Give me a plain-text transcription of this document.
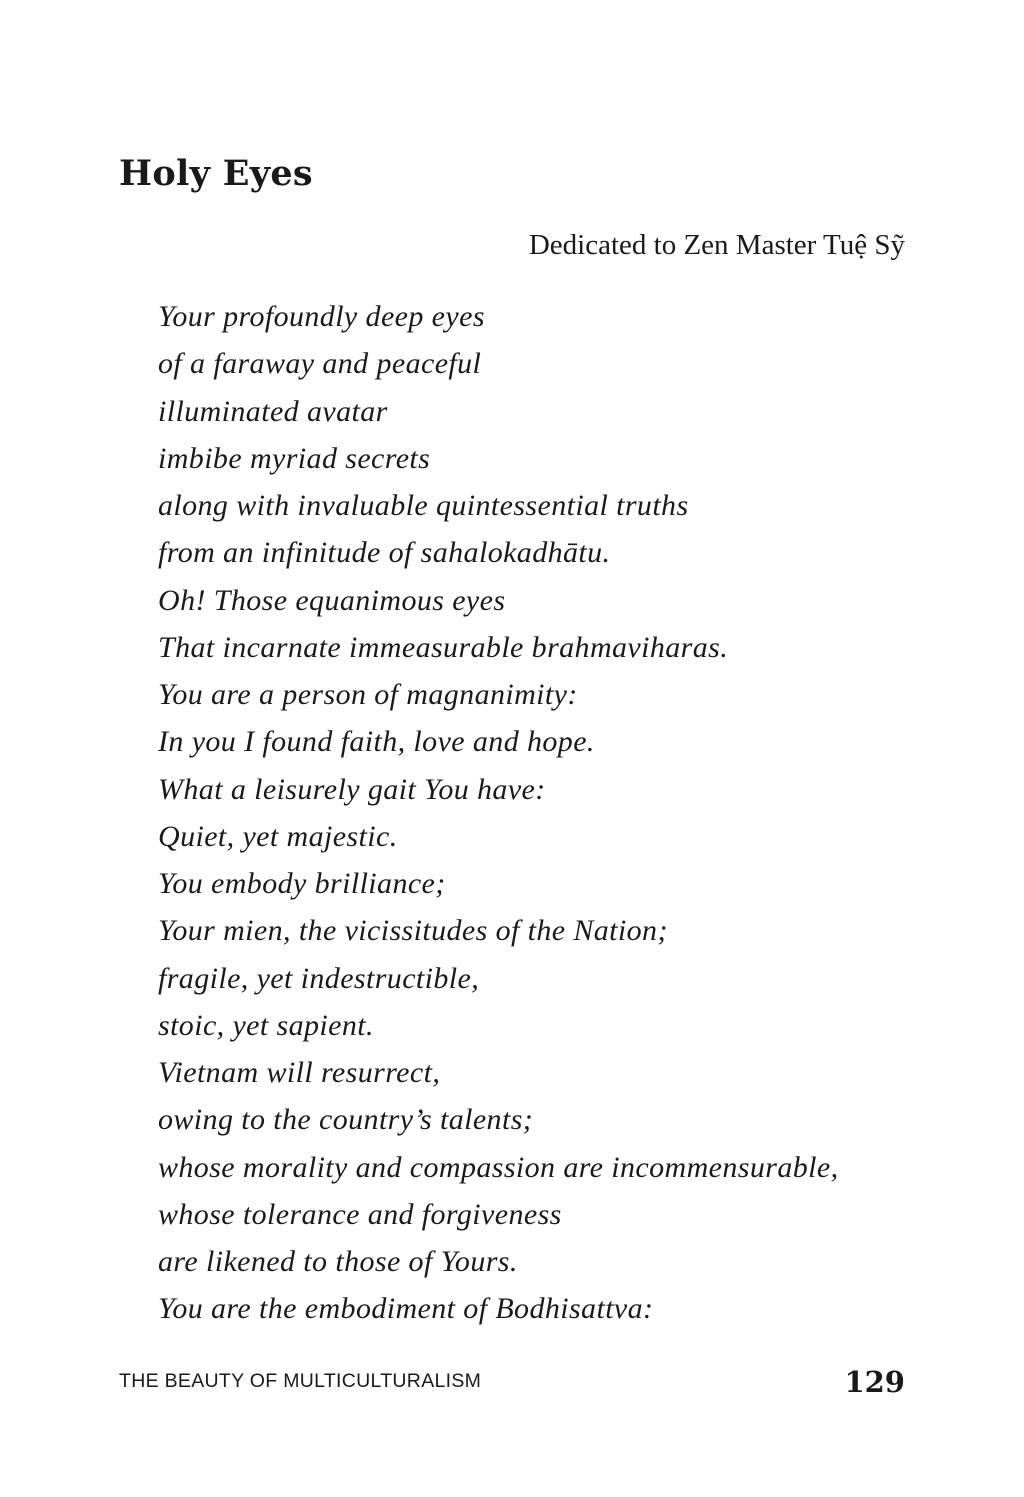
Holy Eyes

Dedicated to Zen Master Tuệ Sỹ

Your profoundly deep eyes
of a faraway and peaceful
illuminated avatar
imbibe myriad secrets
along with invaluable quintessential truths
from an infinitude of sahalokadhātu.
Oh! Those equanimous eyes
That incarnate immeasurable brahmaviharas.
You are a person of magnanimity:
In you I found faith, love and hope.
What a leisurely gait You have:
Quiet, yet majestic.
You embody brilliance;
Your mien, the vicissitudes of the Nation;
fragile, yet indestructible,
stoic, yet sapient.
Vietnam will resurrect,
owing to the country’s talents;
whose morality and compassion are incommensurable,
whose tolerance and forgiveness
are likened to those of Yours.
You are the embodiment of Bodhisattva:
THE BEAUTY OF MULTICULTURALISM	129
